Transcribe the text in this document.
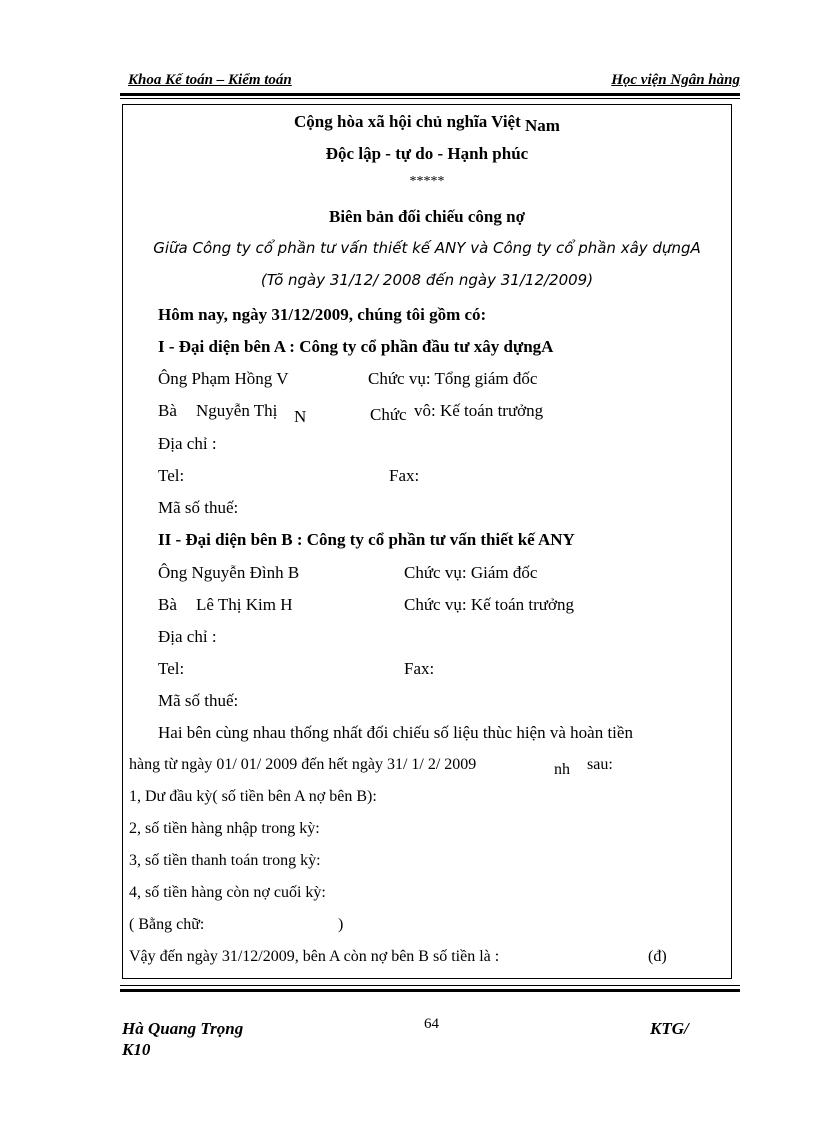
Khoa Kế toán – Kiểm toán	Học viện Ngân hàng
Cộng hòa xã hội chủ nghĩa Việt Nam
Độc lập - tự do - Hạnh phúc
*****
Biên bản đối chiếu công nợ
Giữa Công ty cổ phần tư vấn thiết kế ANY và Công ty cổ phần xây dựngA
(Tõ ngày 31/12/ 2008 đến ngày 31/12/2009)
Hôm nay, ngày 31/12/2009, chúng tôi gồm có:
I - Đại diện bên A : Công ty cổ phần đầu tư xây dựngA
Ông Phạm Hồng V	Chức vụ: Tổng giám đốc
Bà Nguyễn Thị N	Chức vô: Kế toán trưởng
Địa chỉ :
Tel:	Fax:
Mã số thuế:
II - Đại diện bên B : Công ty cổ phần tư vấn thiết kế ANY
Ông Nguyễn Đình B	Chức vụ: Giám đốc
Bà Lê Thị Kim H	Chức vụ: Kế toán trưởng
Địa chỉ :
Tel:	Fax:
Mã số thuế:
Hai bên cùng nhau thống nhất đối chiếu số liệu thùc hiện và hoàn tiền
hàng từ ngày 01/ 01/ 2009 đến hết ngày 31/ 1/ 2/ 2009	nh sau:
1, Dư đầu kỳ( số tiền bên A nợ bên B):
2, số tiền hàng nhập trong kỳ:
3, số tiền thanh toán trong kỳ:
4, số tiền hàng còn nợ cuối kỳ:
( Bằng chữ:	)
Vậy đến ngày 31/12/2009, bên A còn nợ bên B số tiền là :	(đ)
Hà Quang Trọng
K10
64	KTG/
